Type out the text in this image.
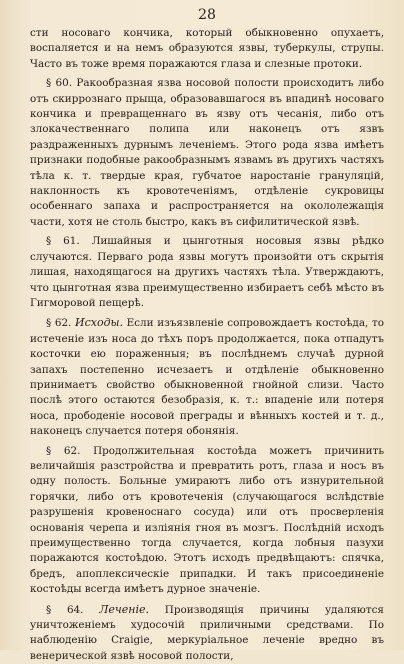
28

сти носоваго кончика, который обыкновенно опухаетъ, воспаляется и на немъ образуются язвы, туберкулы, струпы. Часто въ тоже время поражаются глаза и слезные протоки.

§ 60. Ракообразная язва носовой полости происходитъ либо отъ скиррознаго прыща, образовавшагося въ впадинѣ носоваго кончика и превращеннаго въ язву отъ чесанія, либо отъ злокачественнаго полипа или наконецъ отъ язвъ раздраженныхъ дурнымъ леченіемъ. Этого рода язва имѣетъ признаки подобные ракообразнымъ язвамъ въ другихъ частяхъ тѣла к. т. твердые края, губчатое наростаніе грануляцій, наклонность къ кровотеченіямъ, отдѣленіе сукровицы особеннаго запаха и распространяется на окололежащія части, хотя не столь быстро, какъ въ сифилитической язвѣ.

§ 61. Лишайныя и цынготныя носовыя язвы рѣдко случаются. Перваго рода язвы могутъ произойти отъ скрытія лишая, находящагося на другихъ частяхъ тѣла. Утверждаютъ, что цынготная язва преимущественно избираетъ себѣ мѣсто въ Гигморовой пещерѣ.

§ 62. Исходы. Если изъязвленіе сопровождаетъ костоѣда, то истеченіе изъ носа до тѣхъ поръ продолжается, пока отпадутъ косточки ею пораженныя; въ послѣднемъ случаѣ дурной запахъ постепенно исчезаетъ и отдѣленіе обыкновенно принимаетъ свойство обыкновенной гнойной слизи. Часто послѣ этого остаются безобразія, к. т.: впаденіе или потеря носа, прободеніе носовой преграды и вѣнныхъ костей и т. д., наконецъ случается потеря обонянія.

§ 62. Продолжительная костоѣда можетъ причинить величайшія разстройства и превратить ротъ, глаза и носъ въ одну полость. Больные умираютъ либо отъ изнурительной горячки, либо отъ кровотеченія (случающагося вслѣдствіе разрушенія кровеноснаго сосуда) или отъ просверленія основанія черепа и изліянія гноя въ мозгъ. Послѣдній исходъ преимущественно тогда случается, когда лобныя пазухи поражаются костоѣдою. Этотъ исходъ предвѣщаютъ: спячка, бредъ, апоплексическіе припадки. И такъ присоединеніе костоѣды всегда имѣетъ дурное значеніе.

§ 64. Леченіе. Производящія причины удаляются уничтоженіемъ худосочій приличными средствами. По наблюденію Craigie, меркуріальное леченіе вредно въ венерической язвѣ носовой полости,
